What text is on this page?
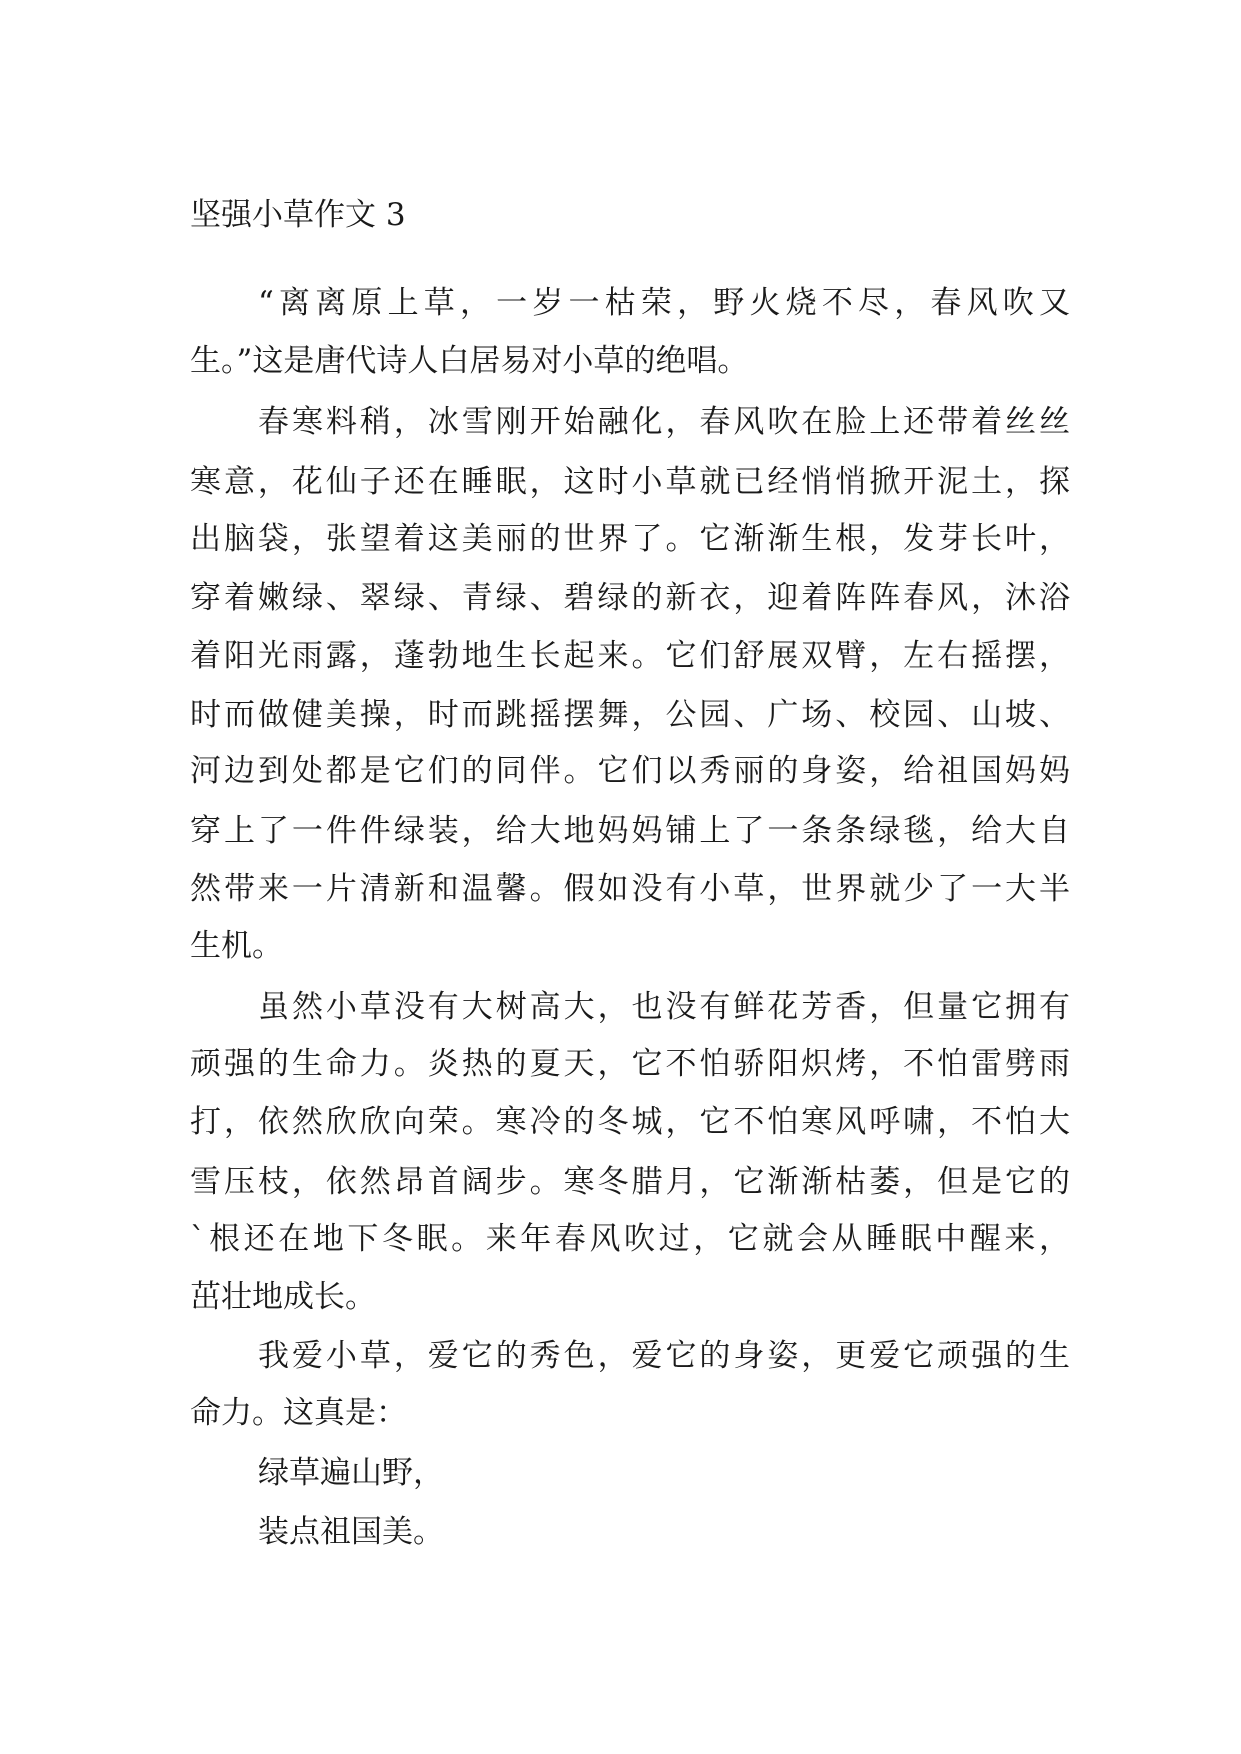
坚强小草作文 3
“离离原上草，一岁一枯荣，野火烧不尽，春风吹又
生。”这是唐代诗人白居易对小草的绝唱。
春寒料稍，冰雪刚开始融化，春风吹在脸上还带着丝丝
寒意，花仙子还在睡眠，这时小草就已经悄悄掀开泥土，探
出脑袋，张望着这美丽的世界了。它渐渐生根，发芽长叶，
穿着嫩绿、翠绿、青绿、碧绿的新衣，迎着阵阵春风，沐浴
着阳光雨露，蓬勃地生长起来。它们舒展双臂，左右摇摆，
时而做健美操，时而跳摇摆舞，公园、广场、校园、山坡、
河边到处都是它们的同伴。它们以秀丽的身姿，给祖国妈妈
穿上了一件件绿装，给大地妈妈铺上了一条条绿毯，给大自
然带来一片清新和温馨。假如没有小草，世界就少了一大半
生机。
虽然小草没有大树高大，也没有鲜花芳香，但量它拥有
顽强的生命力。炎热的夏天，它不怕骄阳炽烤，不怕雷劈雨
打，依然欣欣向荣。寒冷的冬城，它不怕寒风呼啸，不怕大
雪压枝，依然昂首阔步。寒冬腊月，它渐渐枯萎，但是它的
`根还在地下冬眠。来年春风吹过，它就会从睡眠中醒来，
茁壮地成长。
我爱小草，爱它的秀色，爱它的身姿，更爱它顽强的生
命力。这真是：
绿草遍山野，
装点祖国美。
